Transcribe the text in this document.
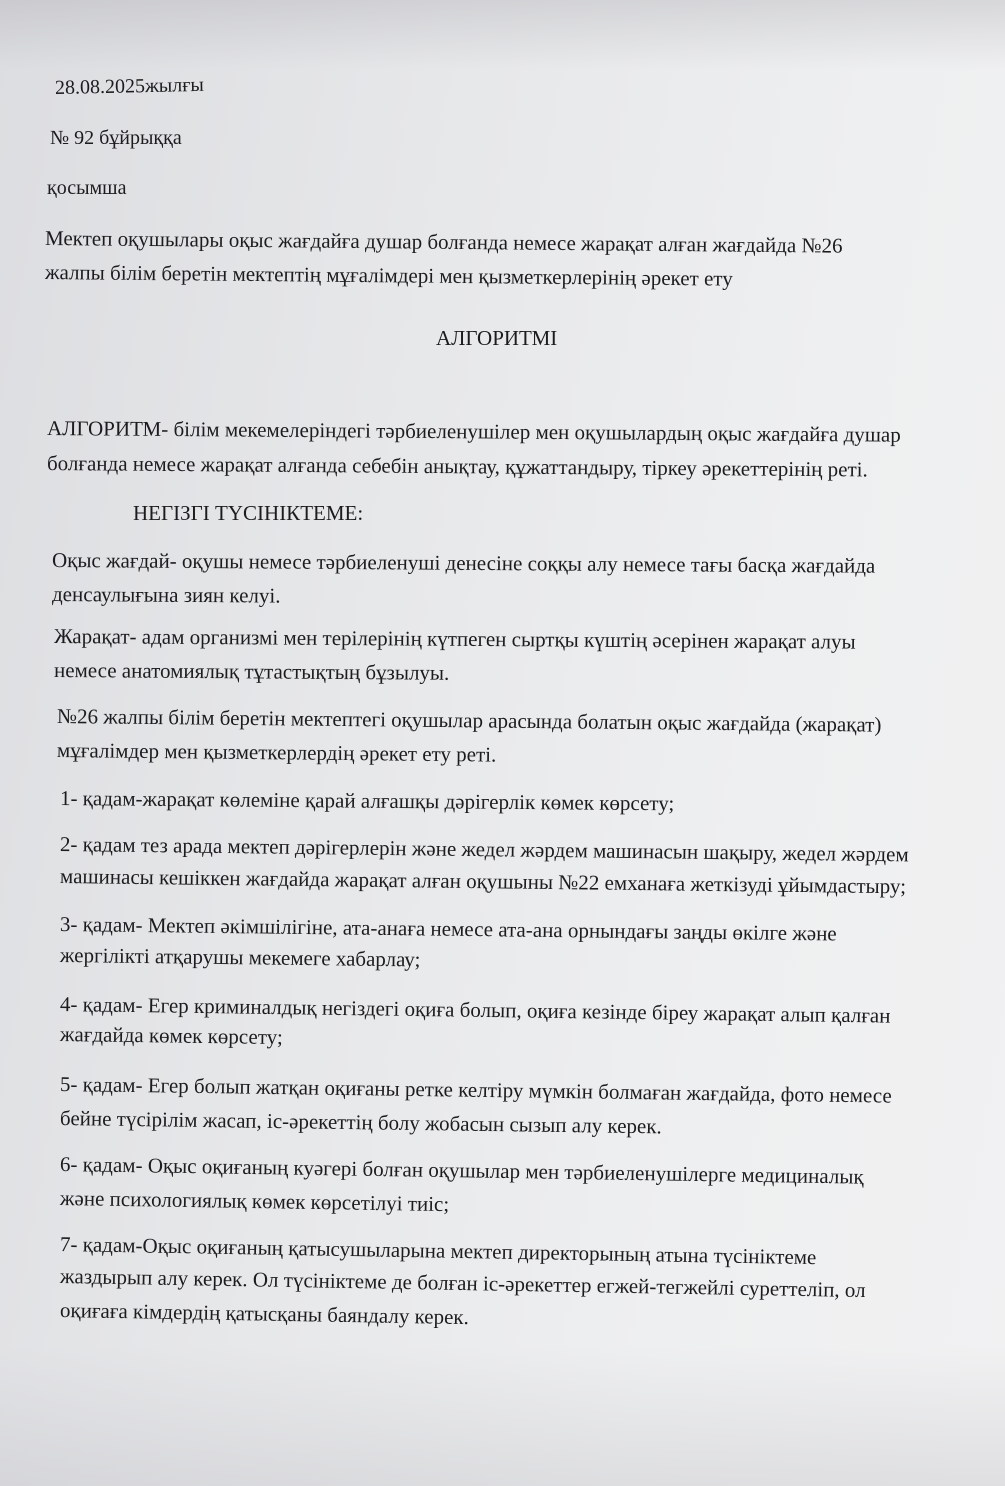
28.08.2025жылғы
№ 92 бұйрыққа
қосымша
Мектеп оқушылары оқыс жағдайға душар болғанда немесе жарақат алған жағдайда №26
жалпы білім беретін мектептің мұғалімдері мен қызметкерлерінің әрекет ету
АЛГОРИТМІ
АЛГОРИТМ- білім мекемелеріндегі тәрбиеленушілер мен оқушылардың оқыс жағдайға душар
болғанда немесе жарақат алғанда себебін анықтау, құжаттандыру, тіркеу әрекеттерінің реті.
НЕГІЗГІ ТҮСІНІКТЕМЕ:
Оқыс жағдай- оқушы немесе тәрбиеленуші денесіне соққы алу немесе тағы басқа жағдайда
денсаулығына зиян келуі.
Жарақат- адам организмі мен терілерінің күтпеген сыртқы күштің әсерінен жарақат алуы
немесе анатомиялық тұтастықтың бұзылуы.
№26 жалпы білім беретін мектептегі оқушылар арасында болатын оқыс жағдайда (жарақат)
мұғалімдер мен қызметкерлердің әрекет ету реті.
1- қадам-жарақат көлеміне қарай алғашқы дәрігерлік көмек көрсету;
2- қадам тез арада мектеп дәрігерлерін және жедел жәрдем машинасын шақыру, жедел жәрдем
машинасы кешіккен жағдайда жарақат алған оқушыны №22 емханаға жеткізуді ұйымдастыру;
3- қадам- Мектеп әкімшілігіне, ата-анаға немесе ата-ана орнындағы заңды өкілге және
жергілікті атқарушы мекемеге хабарлау;
4- қадам- Егер криминалдық негіздегі оқиға болып, оқиға кезінде біреу жарақат алып қалған
жағдайда көмек көрсету;
5- қадам- Егер болып жатқан оқиғаны ретке келтіру мүмкін болмаған жағдайда, фото немесе
бейне түсірілім жасап, іс-әрекеттің болу жобасын сызып алу керек.
6- қадам- Оқыс оқиғаның куәгері болған оқушылар мен тәрбиеленушілерге медициналық
және психологиялық көмек көрсетілуі тиіс;
7- қадам-Оқыс оқиғаның қатысушыларына мектеп директорының атына түсініктеме
жаздырып алу керек. Ол түсініктеме де болған іс-әрекеттер егжей-тегжейлі суреттеліп, ол
оқиғаға кімдердің қатысқаны баяндалу керек.
